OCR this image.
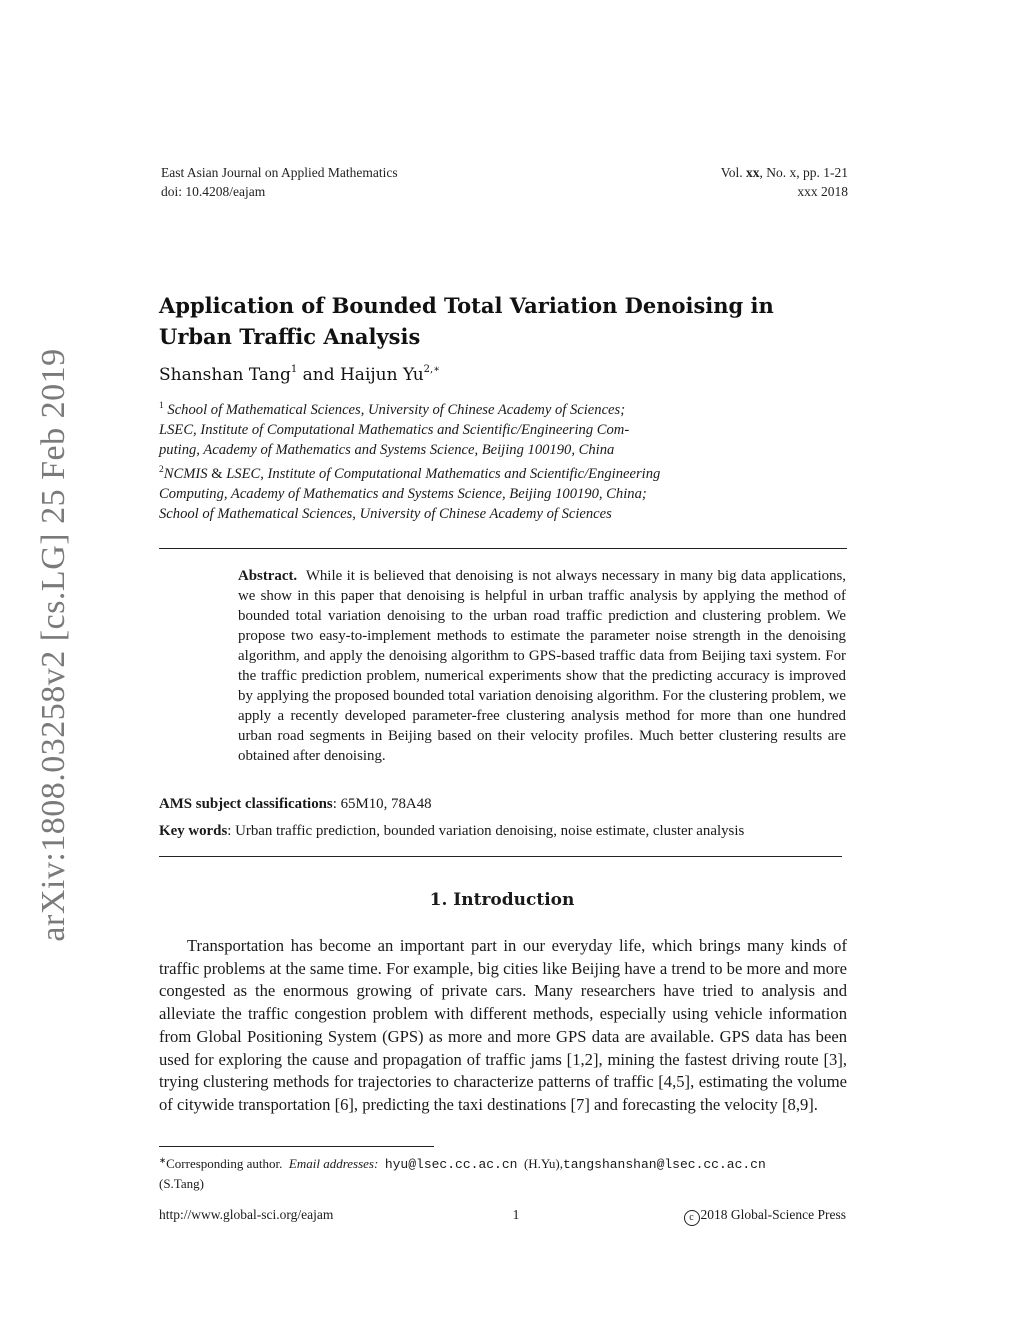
arXiv:1808.03258v2 [cs.LG] 25 Feb 2019
East Asian Journal on Applied Mathematics
doi: 10.4208/eajam
Vol. xx, No. x, pp. 1-21
xxx 2018
Application of Bounded Total Variation Denoising in
Urban Traffic Analysis
Shanshan Tang$^1$ and Haijun $Yu^{2,∗}$
$^1$ School of Mathematical Sciences, University of Chinese Academy of Sciences;
LSEC, Institute of Computational Mathematics and Scientific/Engineering Com-
puting, Academy of Mathematics and Systems Science, Beijing 100190, China
$^2$NCMIS & LSEC, Institute of Computational Mathematics and Scientific/Engineering
Computing, Academy of Mathematics and Systems Science, Beijing 100190, China;
School of Mathematical Sciences, University of Chinese Academy of Sciences
Abstract. While it is believed that denoising is not always necessary in many big data applications, we show in this paper that denoising is helpful in urban traffic analysis by applying the method of bounded total variation denoising to the urban road traffic prediction and clustering problem. We propose two easy-to-implement methods to estimate the parameter noise strength in the denoising algorithm, and apply the denoising algorithm to GPS-based traffic data from Beijing taxi system. For the traffic prediction problem, numerical experiments show that the predicting accuracy is improved by applying the proposed bounded total variation denoising algorithm. For the clustering problem, we apply a recently developed parameter-free clustering analysis method for more than one hundred urban road segments in Beijing based on their velocity profiles. Much better clustering results are obtained after denoising.
AMS subject classifications: 65M10, 78A48
Key words: Urban traffic prediction, bounded variation denoising, noise estimate, cluster analysis
1. Introduction
Transportation has become an important part in our everyday life, which brings many kinds of traffic problems at the same time. For example, big cities like Beijing have a trend to be more and more congested as the enormous growing of private cars. Many researchers have tried to analysis and alleviate the traffic congestion problem with different methods, especially using vehicle information from Global Positioning System (GPS) as more and more GPS data are available. GPS data has been used for exploring the cause and propagation of traffic jams [1,2], mining the fastest driving route [3], trying clustering methods for trajectories to characterize patterns of traffic [4,5], estimating the volume of citywide transportation [6], predicting the taxi destinations [7] and forecasting the velocity [8,9].
∗Corresponding author. Email addresses: hyu@lsec.cc.ac.cn  (H.Yu),tangshanshan@lsec.cc.ac.cn
(S.Tang)
http://www.global-sci.org/eajam	1	c 2018 Global-Science Press
